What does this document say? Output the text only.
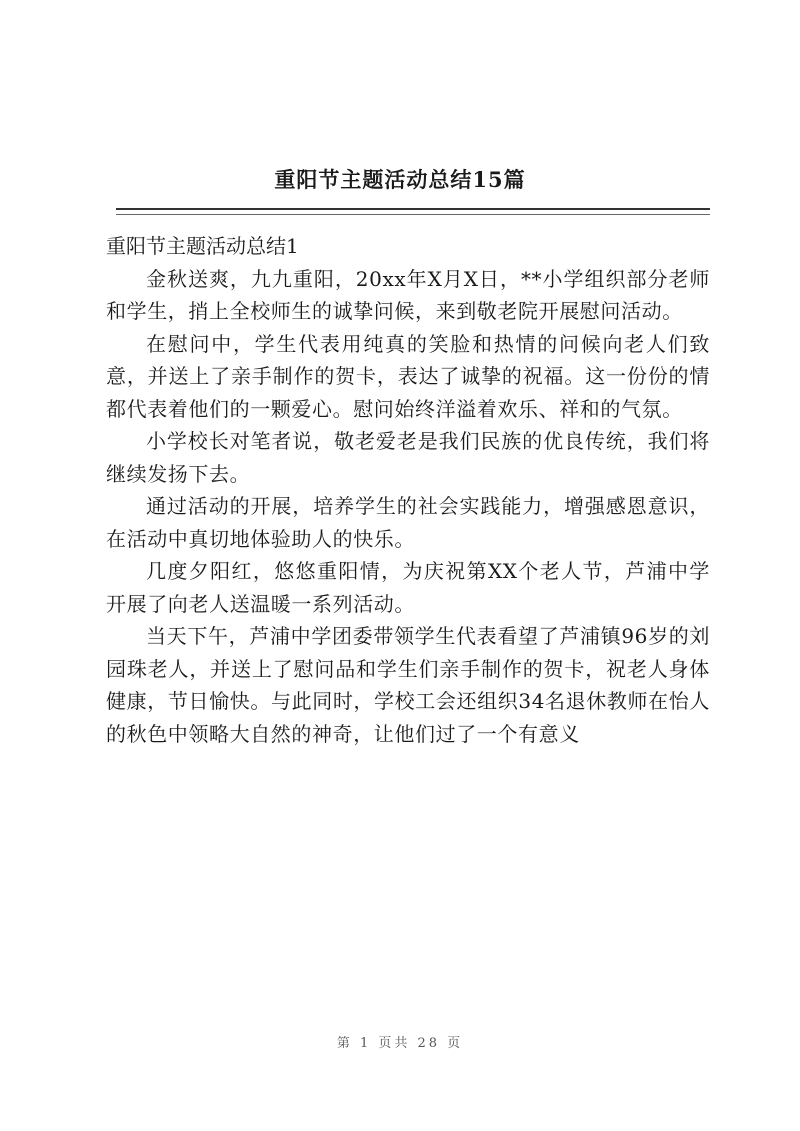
重阳节主题活动总结15篇

重阳节主题活动总结1

金秋送爽，九九重阳，20xx年X月X日，**小学组织部分老师和学生，捎上全校师生的诚挚问候，来到敬老院开展慰问活动。

在慰问中，学生代表用纯真的笑脸和热情的问候向老人们致意，并送上了亲手制作的贺卡，表达了诚挚的祝福。这一份份的情都代表着他们的一颗爱心。慰问始终洋溢着欢乐、祥和的气氛。

小学校长对笔者说，敬老爱老是我们民族的优良传统，我们将继续发扬下去。

通过活动的开展，培养学生的社会实践能力，增强感恩意识，在活动中真切地体验助人的快乐。

几度夕阳红，悠悠重阳情，为庆祝第XX个老人节，芦浦中学开展了向老人送温暖一系列活动。

当天下午，芦浦中学团委带领学生代表看望了芦浦镇96岁的刘园珠老人，并送上了慰问品和学生们亲手制作的贺卡，祝老人身体健康，节日愉快。与此同时，学校工会还组织34名退休教师在怡人的秋色中领略大自然的神奇，让他们过了一个有意义

第 1 页共 28 页
